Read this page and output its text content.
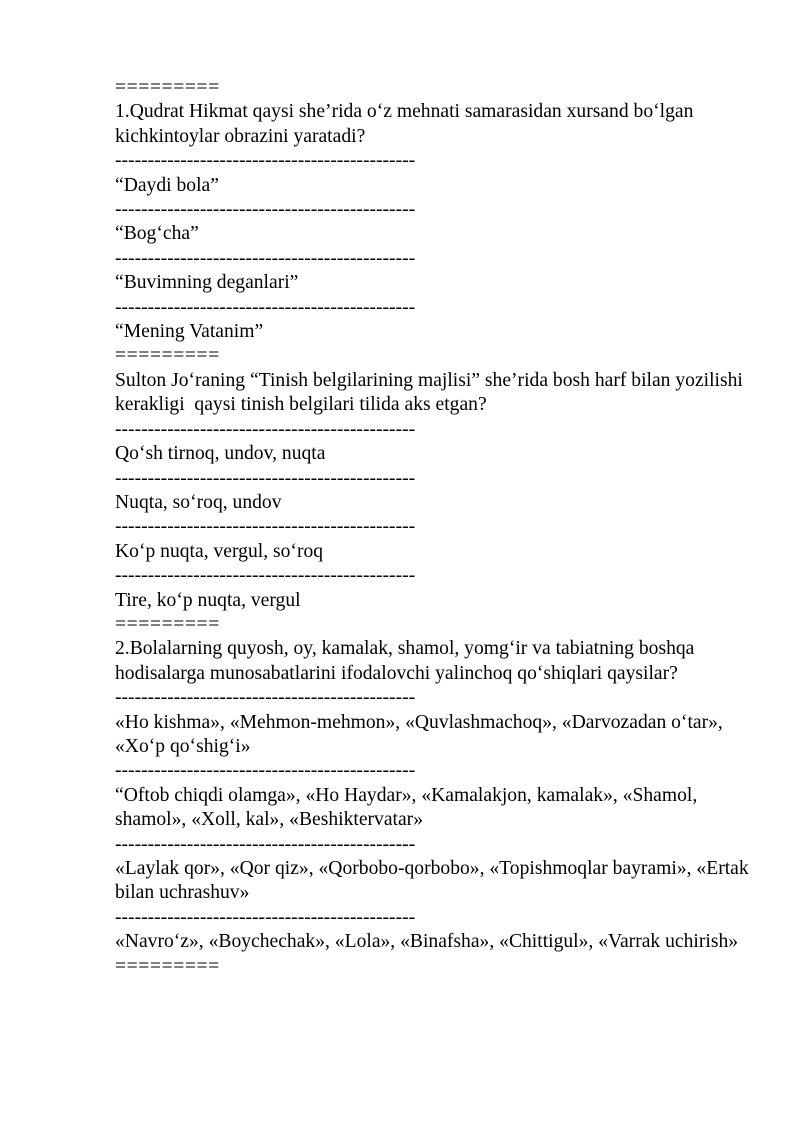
=========
1.Qudrat Hikmat qaysi she’rida o‘z mehnati samarasidan xursand bo‘lgan kichkintoylar obrazini yaratadi?
----------------------------------------------
“Daydi bola”
----------------------------------------------
“Bog‘cha”
----------------------------------------------
“Buvimning deganlari”
----------------------------------------------
“Mening Vatanim”
=========
Sulton Jo‘raning “Tinish belgilarining majlisi” she’rida bosh harf bilan yozilishi kerakligi  qaysi tinish belgilari tilida aks etgan?
----------------------------------------------
Qo‘sh tirnoq, undov, nuqta
----------------------------------------------
Nuqta, so‘roq, undov
----------------------------------------------
Ko‘p nuqta, vergul, so‘roq
----------------------------------------------
Tire, ko‘p nuqta, vergul
=========
2.Bolalarning quyosh, oy, kamalak, shamol, yomg‘ir va tabiatning boshqa hodisalarga munosabatlarini ifodalovchi yalinchoq qo‘shiqlari qaysilar?
----------------------------------------------
«Ho kishma», «Mehmon-mehmon», «Quvlashmachoq», «Darvozadan o‘tar», «Xo‘p qo‘shig‘i»
----------------------------------------------
“Oftob chiqdi olamga», «Ho Haydar», «Kamalakjon, kamalak», «Shamol, shamol», «Xoll, kal», «Beshiktervatar»
----------------------------------------------
«Laylak qor», «Qor qiz», «Qorbobo-qorbobo», «Topishmoqlar bayrami», «Ertak bilan uchrashuv»
----------------------------------------------
«Navro‘z», «Boychechak», «Lola», «Binafsha», «Chittigul», «Varrak uchirish»
=========
